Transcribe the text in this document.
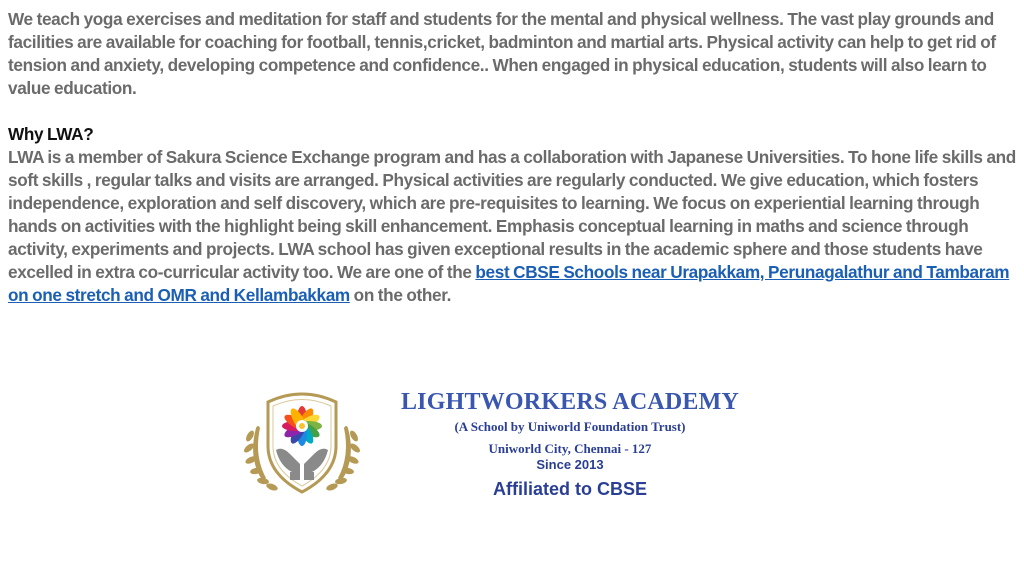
We teach yoga exercises and meditation for staff and students for the mental and physical wellness. The vast play grounds and facilities are available for coaching for football, tennis,cricket, badminton and martial arts. Physical activity can help to get rid of tension and anxiety, developing competence and confidence.. When engaged in physical education, students will also learn to value education.

Why LWA?

LWA is a member of Sakura Science Exchange program and has a collaboration with Japanese Universities. To hone life skills and soft skills , regular talks and visits are arranged. Physical activities are regularly conducted. We give education, which fosters independence, exploration and self discovery, which are pre-requisites to learning. We focus on experiential learning through hands on activities with the highlight being skill enhancement. Emphasis conceptual learning in maths and science through activity, experiments and projects. LWA school has given exceptional results in the academic sphere and those students have excelled in extra co-curricular activity too. We are one of the best CBSE Schools near Urapakkam, Perunagalathur and Tambaram on one stretch and OMR and Kellambakkam on the other.

LIGHTWORKERS ACADEMY
(A School by Uniworld Foundation Trust)
Uniworld City, Chennai - 127
Since 2013
Affiliated to CBSE
